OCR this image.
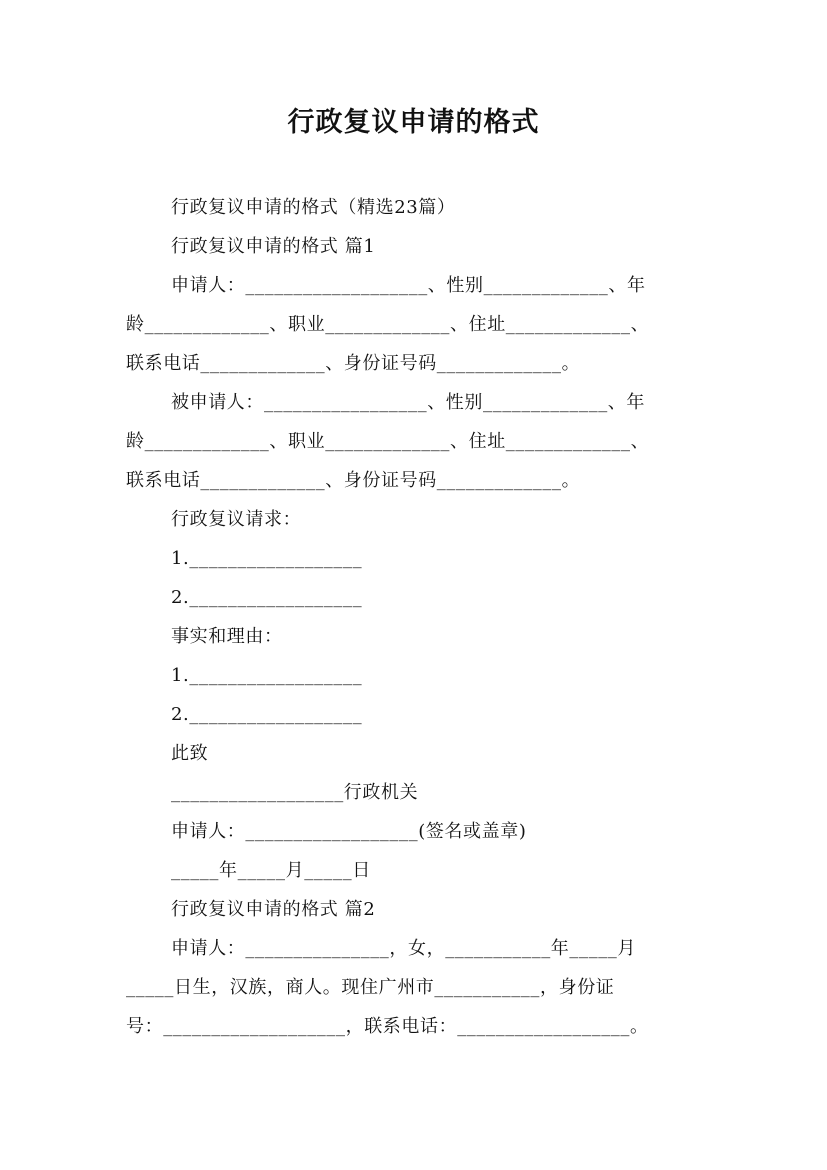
行政复议申请的格式
行政复议申请的格式（精选23篇）
行政复议申请的格式 篇1
申请人：___________________、性别_____________、年
龄_____________、职业_____________、住址_____________、
联系电话_____________、身份证号码_____________。
被申请人：_________________、性别_____________、年
龄_____________、职业_____________、住址_____________、
联系电话_____________、身份证号码_____________。
行政复议请求：
1.__________________
2.__________________
事实和理由：
1.__________________
2.__________________
此致
__________________行政机关
申请人：__________________(签名或盖章)
_____年_____月_____日
行政复议申请的格式 篇2
申请人：_______________，女，___________年_____月
_____日生，汉族，商人。现住广州市___________，身份证
号：___________________，联系电话：__________________。
